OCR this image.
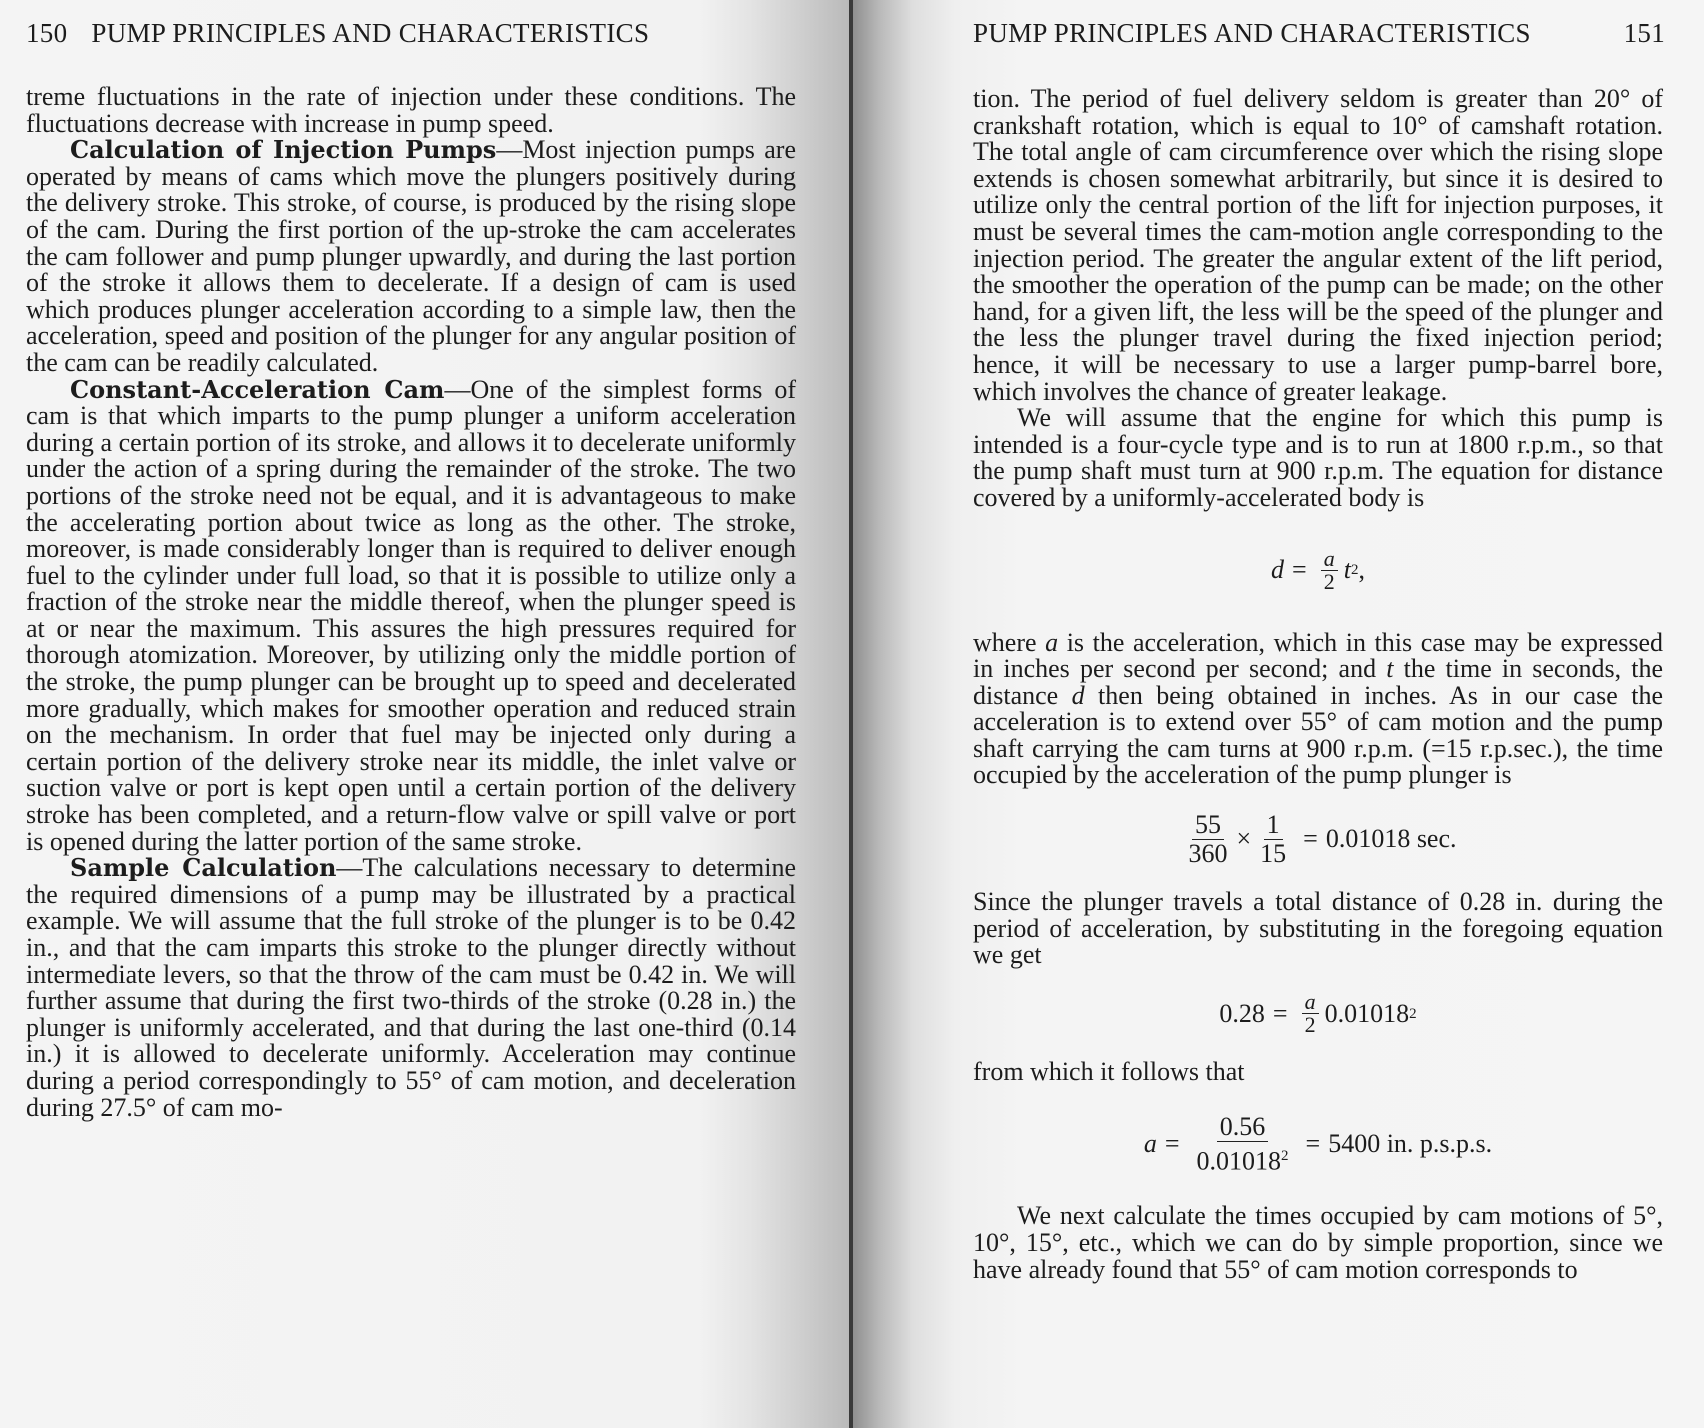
150 PUMP PRINCIPLES AND CHARACTERISTICS

treme fluctuations in the rate of injection under these conditions. The fluctuations decrease with increase in pump speed.

Calculation of Injection Pumps—Most injection pumps are operated by means of cams which move the plungers positively during the delivery stroke. This stroke, of course, is produced by the rising slope of the cam. During the first portion of the up-stroke the cam accelerates the cam follower and pump plunger upwardly, and during the last portion of the stroke it allows them to decelerate. If a design of cam is used which produces plunger acceleration according to a simple law, then the acceleration, speed and position of the plunger for any angular position of the cam can be readily calculated.

Constant-Acceleration Cam—One of the simplest forms of cam is that which imparts to the pump plunger a uniform acceleration during a certain portion of its stroke, and allows it to decelerate uniformly under the action of a spring during the remainder of the stroke. The two portions of the stroke need not be equal, and it is advantageous to make the accelerating portion about twice as long as the other. The stroke, moreover, is made considerably longer than is required to deliver enough fuel to the cylinder under full load, so that it is possible to utilize only a fraction of the stroke near the middle thereof, when the plunger speed is at or near the maximum. This assures the high pressures required for thorough atomization. Moreover, by utilizing only the middle portion of the stroke, the pump plunger can be brought up to speed and decelerated more gradually, which makes for smoother operation and reduced strain on the mechanism. In order that fuel may be injected only during a certain portion of the delivery stroke near its middle, the inlet valve or suction valve or port is kept open until a certain portion of the delivery stroke has been completed, and a return-flow valve or spill valve or port is opened during the latter portion of the same stroke.

Sample Calculation—The calculations necessary to determine the required dimensions of a pump may be illustrated by a practical example. We will assume that the full stroke of the plunger is to be 0.42 in., and that the cam imparts this stroke to the plunger directly without intermediate levers, so that the throw of the cam must be 0.42 in. We will further assume that during the first two-thirds of the stroke (0.28 in.) the plunger is uniformly accelerated, and that during the last one-third (0.14 in.) it is allowed to decelerate uniformly. Acceleration may continue during a period correspondingly to 55° of cam motion, and deceleration during 27.5° of cam mo-

PUMP PRINCIPLES AND CHARACTERISTICS	151

tion. The period of fuel delivery seldom is greater than 20° of crankshaft rotation, which is equal to 10° of camshaft rotation. The total angle of cam circumference over which the rising slope extends is chosen somewhat arbitrarily, but since it is desired to utilize only the central portion of the lift for injection purposes, it must be several times the cam-motion angle corresponding to the injection period. The greater the angular extent of the lift period, the smoother the operation of the pump can be made; on the other hand, for a given lift, the less will be the speed of the plunger and the less the plunger travel during the fixed injection period; hence, it will be necessary to use a larger pump-barrel bore, which involves the chance of greater leakage.

We will assume that the engine for which this pump is intended is a four-cycle type and is to run at 1800 r.p.m., so that the pump shaft must turn at 900 r.p.m. The equation for distance covered by a uniformly-accelerated body is

$d = \frac{a}{2}$ t 2 ,

where a is the acceleration, which in this case may be expressed in inches per second per second; and t the time in seconds, the distance d then being obtained in inches. As in our case the acceleration is to extend over 55° of cam motion and the pump shaft carrying the cam turns at 900 r.p.m. (=15 r.p.sec.), the time occupied by the acceleration of the pump plunger is

$\frac{55}{360} \times \frac{1}{15} = 0.01018$ sec.

Since the plunger travels a total distance of 0.28 in. during the period of acceleration, by substituting in the foregoing equation we get

$0.28 = \frac{a}{2} 0.01018$ 2

from which it follows that

$a = \frac{0.56}{0.01018^2} = 5400$ in. p.s.p.s.

We next calculate the times occupied by cam motions of 5°, 10°, 15°, etc., which we can do by simple proportion, since we have already found that 55° of cam motion corresponds to
